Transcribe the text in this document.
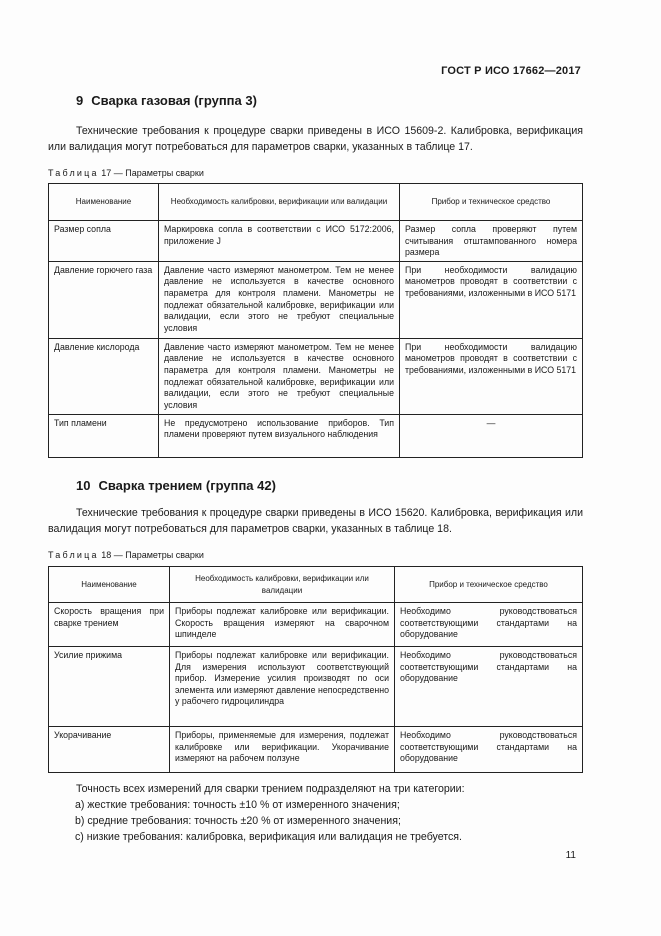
ГОСТ Р ИСО 17662—2017
9 Сварка газовая (группа 3)
Технические требования к процедуре сварки приведены в ИСО 15609-2. Калибровка, верификация или валидация могут потребоваться для параметров сварки, указанных в таблице 17.
Таблица 17 — Параметры сварки
Наименование	Необходимость калибровки, верификации или валидации	Прибор и техническое средство
Размер сопла	Маркировка сопла в соответствии с ИСО 5172:2006, приложение J	Размер сопла проверяют путем считывания отштампованного номера размера
Давление горючего газа	Давление часто измеряют манометром. Тем не менее давление не используется в качестве основного параметра для контроля пламени. Манометры не подлежат обязательной калибровке, верификации или валидации, если этого не требуют специальные условия	При необходимости валидацию манометров проводят в соответствии с требованиями, изложенными в ИСО 5171
Давление кислорода	Давление часто измеряют манометром. Тем не менее давление не используется в качестве основного параметра для контроля пламени. Манометры не подлежат обязательной калибровке, верификации или валидации, если этого не требуют специальные условия	При необходимости валидацию манометров проводят в соответствии с требованиями, изложенными в ИСО 5171
Тип пламени	Не предусмотрено использование приборов. Тип пламени проверяют путем визуального наблюдения	—
10 Сварка трением (группа 42)
Технические требования к процедуре сварки приведены в ИСО 15620. Калибровка, верификация или валидация могут потребоваться для параметров сварки, указанных в таблице 18.
Таблица 18 — Параметры сварки
Наименование	Необходимость калибровки, верификации или валидации	Прибор и техническое средство
Скорость вращения при сварке трением	Приборы подлежат калибровке или верификации. Скорость вращения измеряют на сварочном шпинделе	Необходимо руководствоваться соответствующими стандартами на оборудование
Усилие прижима	Приборы подлежат калибровке или верификации. Для измерения используют соответствующий прибор. Измерение усилия производят по оси элемента или измеряют давление непосредственно у рабочего гидроцилиндра	Необходимо руководствоваться соответствующими стандартами на оборудование
Укорачивание	Приборы, применяемые для измерения, подлежат калибровке или верификации. Укорачивание измеряют на рабочем ползуне	Необходимо руководствоваться соответствующими стандартами на оборудование
Точность всех измерений для сварки трением подразделяют на три категории:
a) жесткие требования: точность ±10 % от измеренного значения;
b) средние требования: точность ±20 % от измеренного значения;
c) низкие требования: калибровка, верификация или валидация не требуется.
11
